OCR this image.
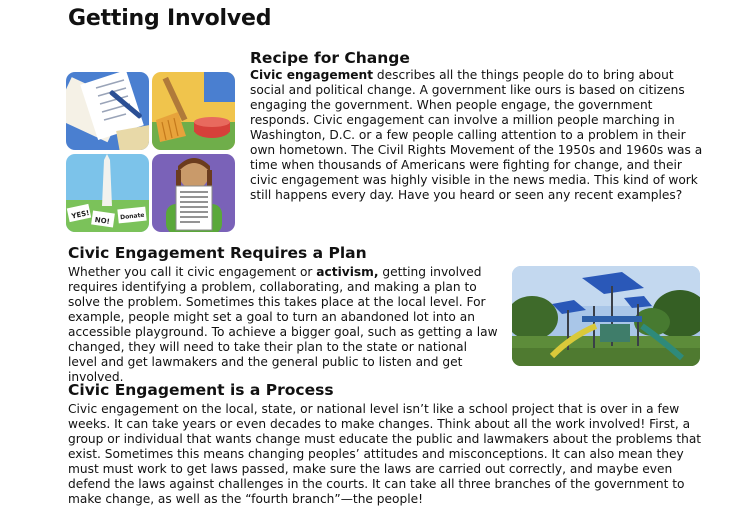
Getting Involved
YES!
NO! Donate
Recipe for Change

Civic engagement describes all the things people do to bring about social and political change. A government like ours is based on citizens engaging the government. When people engage, the government responds. Civic engagement can involve a million people marching in Washington, D.C. or a few people calling attention to a problem in their own hometown. The Civil Rights Movement of the 1950s and 1960s was a time when thousands of Americans were fighting for change, and their civic engagement was highly visible in the news media. This kind of work still happens every day. Have you heard or seen any recent examples?

Civic Engagement Requires a Plan

Whether you call it civic engagement or activism, getting involved requires identifying a problem, collaborating, and making a plan to solve the problem. Sometimes this takes place at the local level. For example, people might set a goal to turn an abandoned lot into an accessible playground. To achieve a bigger goal, such as getting a law changed, they will need to take their plan to the state or national level and get lawmakers and the general public to listen and get involved.

Civic Engagement is a Process

Civic engagement on the local, state, or national level isn’t like a school project that is over in a few weeks. It can take years or even decades to make changes. Think about all the work involved! First, a group or individual that wants change must educate the public and lawmakers about the problems that exist. Sometimes this means changing peoples’ attitudes and misconceptions. It can also mean they must must work to get laws passed, make sure the laws are carried out correctly, and maybe even defend the laws against challenges in the courts. It can take all three branches of the government to make change, as well as the “fourth branch”—the people!
